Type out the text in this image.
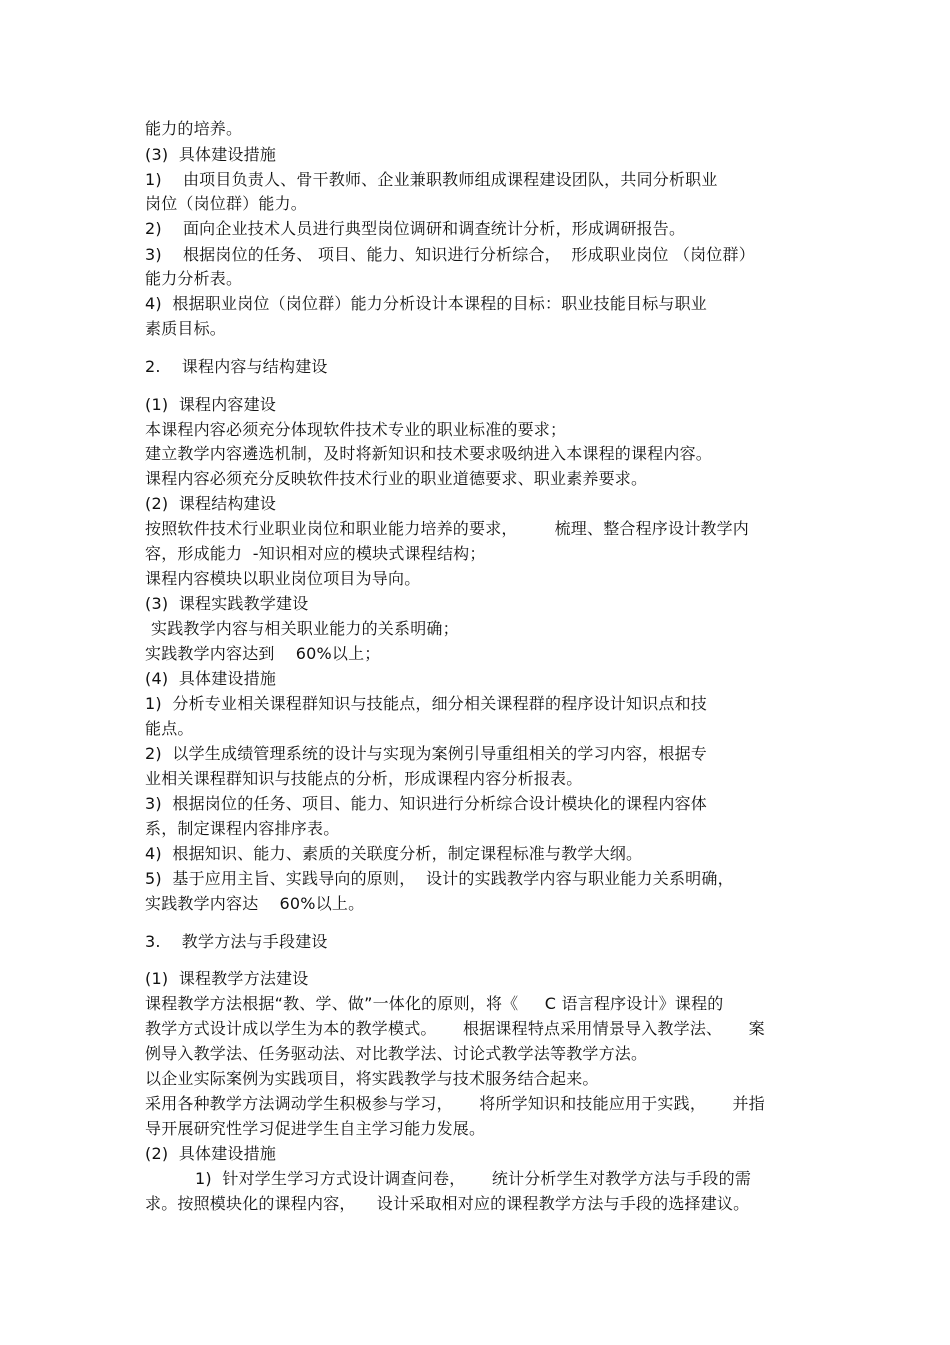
能力的培养。
(3)  具体建设措施
1)    由项目负责人、骨干教师、企业兼职教师组成课程建设团队，共同分析职业
岗位（岗位群）能力。
2)    面向企业技术人员进行典型岗位调研和调查统计分析，形成调研报告。
3)    根据岗位的任务、 项目、能力、知识进行分析综合，  形成职业岗位 （岗位群）
能力分析表。
4)  根据职业岗位（岗位群）能力分析设计本课程的目标：职业技能目标与职业
素质目标。
2.    课程内容与结构建设
(1)  课程内容建设
本课程内容必须充分体现软件技术专业的职业标准的要求；
建立教学内容遴选机制，及时将新知识和技术要求吸纳进入本课程的课程内容。
课程内容必须充分反映软件技术行业的职业道德要求、职业素养要求。
(2)  课程结构建设
按照软件技术行业职业岗位和职业能力培养的要求，       梳理、整合程序设计教学内
容，形成能力  -知识相对应的模块式课程结构；
课程内容模块以职业岗位项目为导向。
(3)  课程实践教学建设
实践教学内容与相关职业能力的关系明确；
实践教学内容达到    60%以上；
(4)  具体建设措施
1)  分析专业相关课程群知识与技能点，细分相关课程群的程序设计知识点和技
能点。
2)  以学生成绩管理系统的设计与实现为案例引导重组相关的学习内容，根据专
业相关课程群知识与技能点的分析，形成课程内容分析报表。
3)  根据岗位的任务、项目、能力、知识进行分析综合设计模块化的课程内容体
系，制定课程内容排序表。
4)  根据知识、能力、素质的关联度分析，制定课程标准与教学大纲。
5)  基于应用主旨、实践导向的原则，  设计的实践教学内容与职业能力关系明确，
实践教学内容达    60%以上。
3.    教学方法与手段建设
(1)  课程教学方法建设
课程教学方法根据“教、学、做”一体化的原则，将《     C 语言程序设计》课程的
教学方式设计成以学生为本的教学模式。     根据课程特点采用情景导入教学法、     案
例导入教学法、任务驱动法、对比教学法、讨论式教学法等教学方法。
以企业实际案例为实践项目，将实践教学与技术服务结合起来。
采用各种教学方法调动学生积极参与学习，     将所学知识和技能应用于实践，     并指
导开展研究性学习促进学生自主学习能力发展。
(2)  具体建设措施
1)  针对学生学习方式设计调查问卷，     统计分析学生对教学方法与手段的需
求。按照模块化的课程内容，    设计采取相对应的课程教学方法与手段的选择建议。
